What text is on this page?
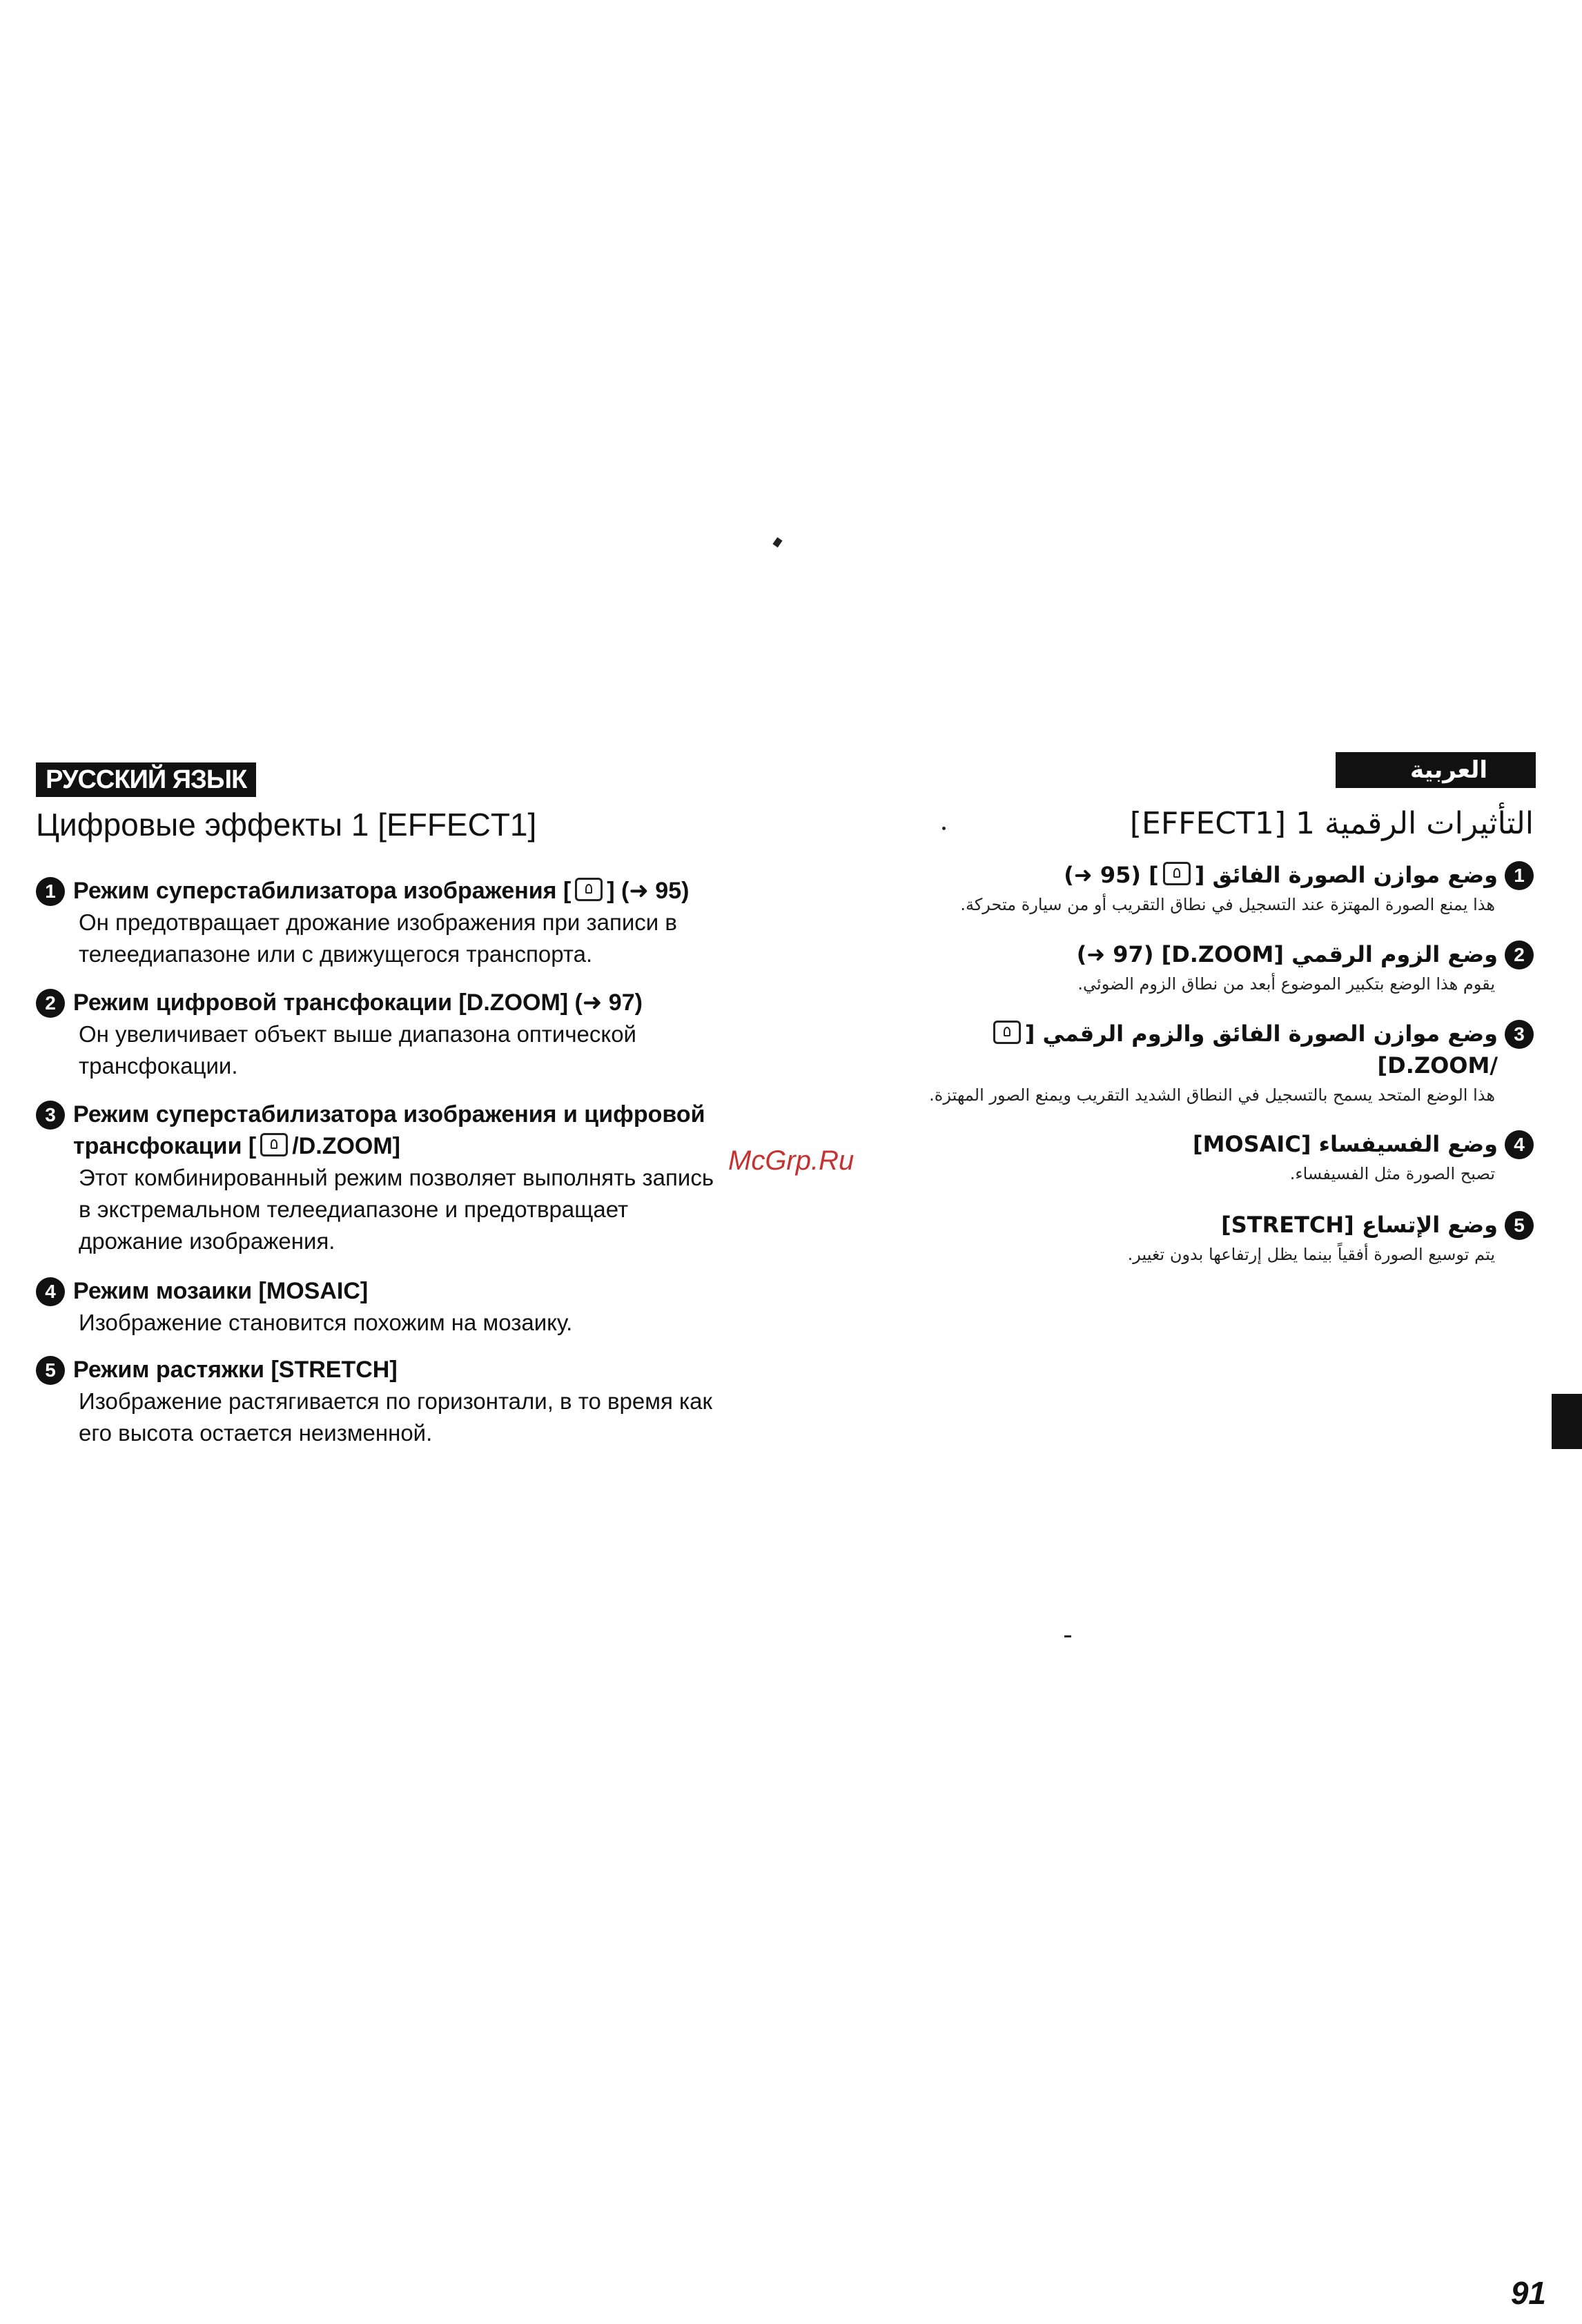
РУССКИЙ ЯЗЫК	العربية
Цифровые эффекты 1 [EFFECT1]	التأثيرات الرقمية 1 [EFFECT1]
1 Режим суперстабилизатора изображения [ ] (➜ 95)
Он предотвращает дрожание изображения при записи в
телеедиапазоне или с движущегося транспорта.
2 Режим цифровой трансфокации [D.ZOOM] (➜ 97)
Он увеличивает объект выше диапазона оптической
трансфокации.
3 Режим суперстабилизатора изображения и цифровой
трансфокации [ /D.ZOOM]
Этот комбинированный режим позволяет выполнять запись
в экстремальном телеедиапазоне и предотвращает
дрожание изображения.
4 Режим мозаики [MOSAIC]
Изображение становится похожим на мозаику.
5 Режим растяжки [STRETCH]
Изображение растягивается по горизонтали, в то время как
его высота остается неизменной.
1
وضع موازن الصورة الفائق [] (95 ➜)
هذا يمنع الصورة المهتزة عند التسجيل في نطاق التقريب أو من سيارة متحركة.
2
وضع الزوم الرقمي [D.ZOOM] (97 ➜)
يقوم هذا الوضع بتكبير الموضوع أبعد من نطاق الزوم الضوئي.
3
وضع موازن الصورة الفائق والزوم الرقمي [/D.ZOOM]
هذا الوضع المتحد يسمح بالتسجيل في النطاق الشديد التقريب ويمنع الصور المهتزة.
4
وضع الفسيفساء [MOSAIC]
تصبح الصورة مثل الفسيفساء.
5
وضع الإتساع [STRETCH]
يتم توسيع الصورة أفقياً بينما يظل إرتفاعها بدون تغيير.
McGrp.Ru
91
